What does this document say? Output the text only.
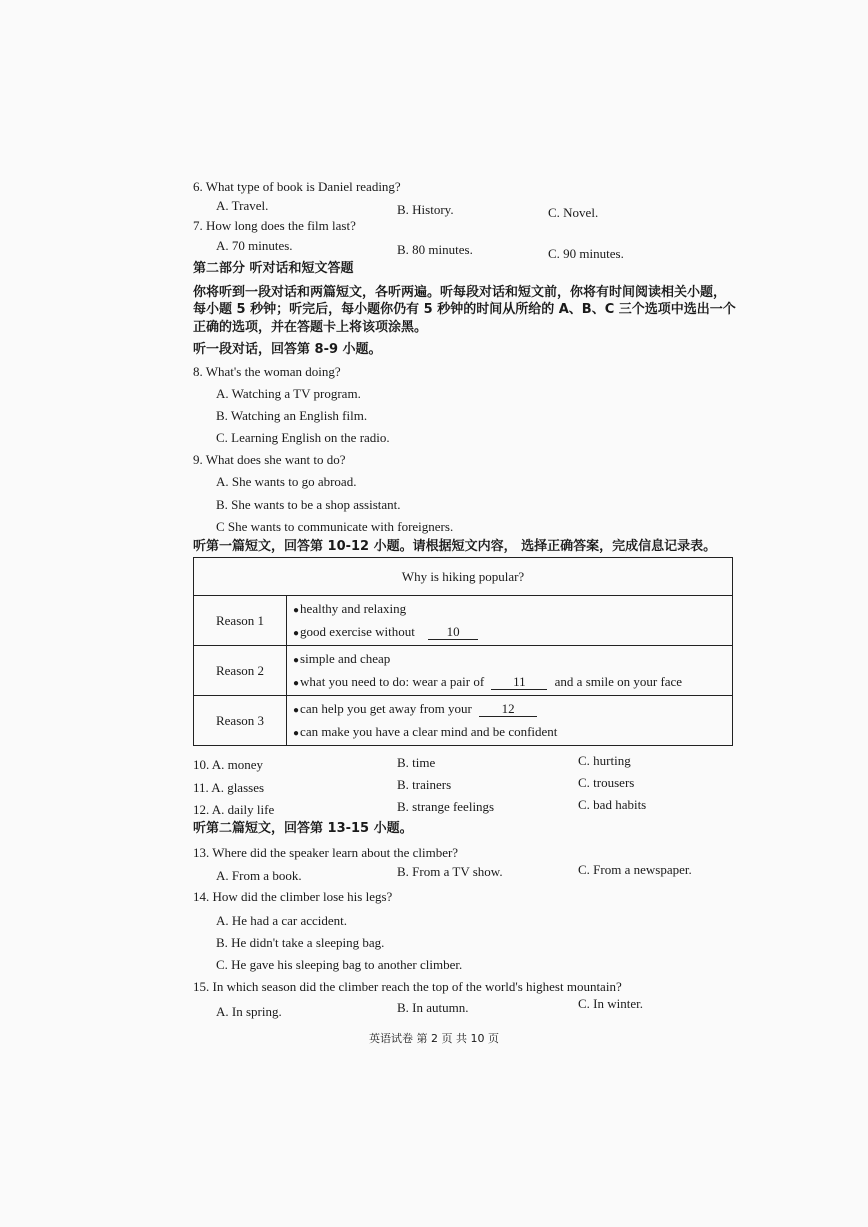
6. What type of book is Daniel reading?
A. Travel.	B. History.	C. Novel.
7. How long does the film last?
A. 70 minutes.	B. 80 minutes.	C. 90 minutes.
第二部分 听对话和短文答题
你将听到一段对话和两篇短文，各听两遍。听每段对话和短文前，你将有时间阅读相关小题，
每小题 5 秒钟；听完后，每小题你仍有 5 秒钟的时间从所给的 A、B、C 三个选项中选出一个
正确的选项，并在答题卡上将该项涂黑。
听一段对话，回答第 8-9 小题。
8. What's the woman doing?
A. Watching a TV program.
B. Watching an English film.
C. Learning English on the radio.
9. What does she want to do?
A. She wants to go abroad.
B. She wants to be a shop assistant.
C She wants to communicate with foreigners.
听第一篇短文，回答第 10-12 小题。请根据短文内容， 选择正确答案，完成信息记录表。
Why is hiking popular?	
Reason 1	●healthy and relaxing
●good exercise without 10

Reason 2	●simple and cheap
●what you need to do: wear a pair of 11 and a smile on your face

Reason 3	●can help you get away from your 12
●can make you have a clear mind and be confident
10. A. money	B. time	C. hurting
11. A. glasses	B. trainers	C. trousers
12. A. daily life	B. strange feelings	C. bad habits
听第二篇短文，回答第 13-15 小题。
13. Where did the speaker learn about the climber?
A. From a book.	B. From a TV show.	C. From a newspaper.
14. How did the climber lose his legs?
A. He had a car accident.
B. He didn't take a sleeping bag.
C. He gave his sleeping bag to another climber.
15. In which season did the climber reach the top of the world's highest mountain?
A. In spring.	B. In autumn.	C. In winter.
英语试卷 第 2 页 共 10 页
